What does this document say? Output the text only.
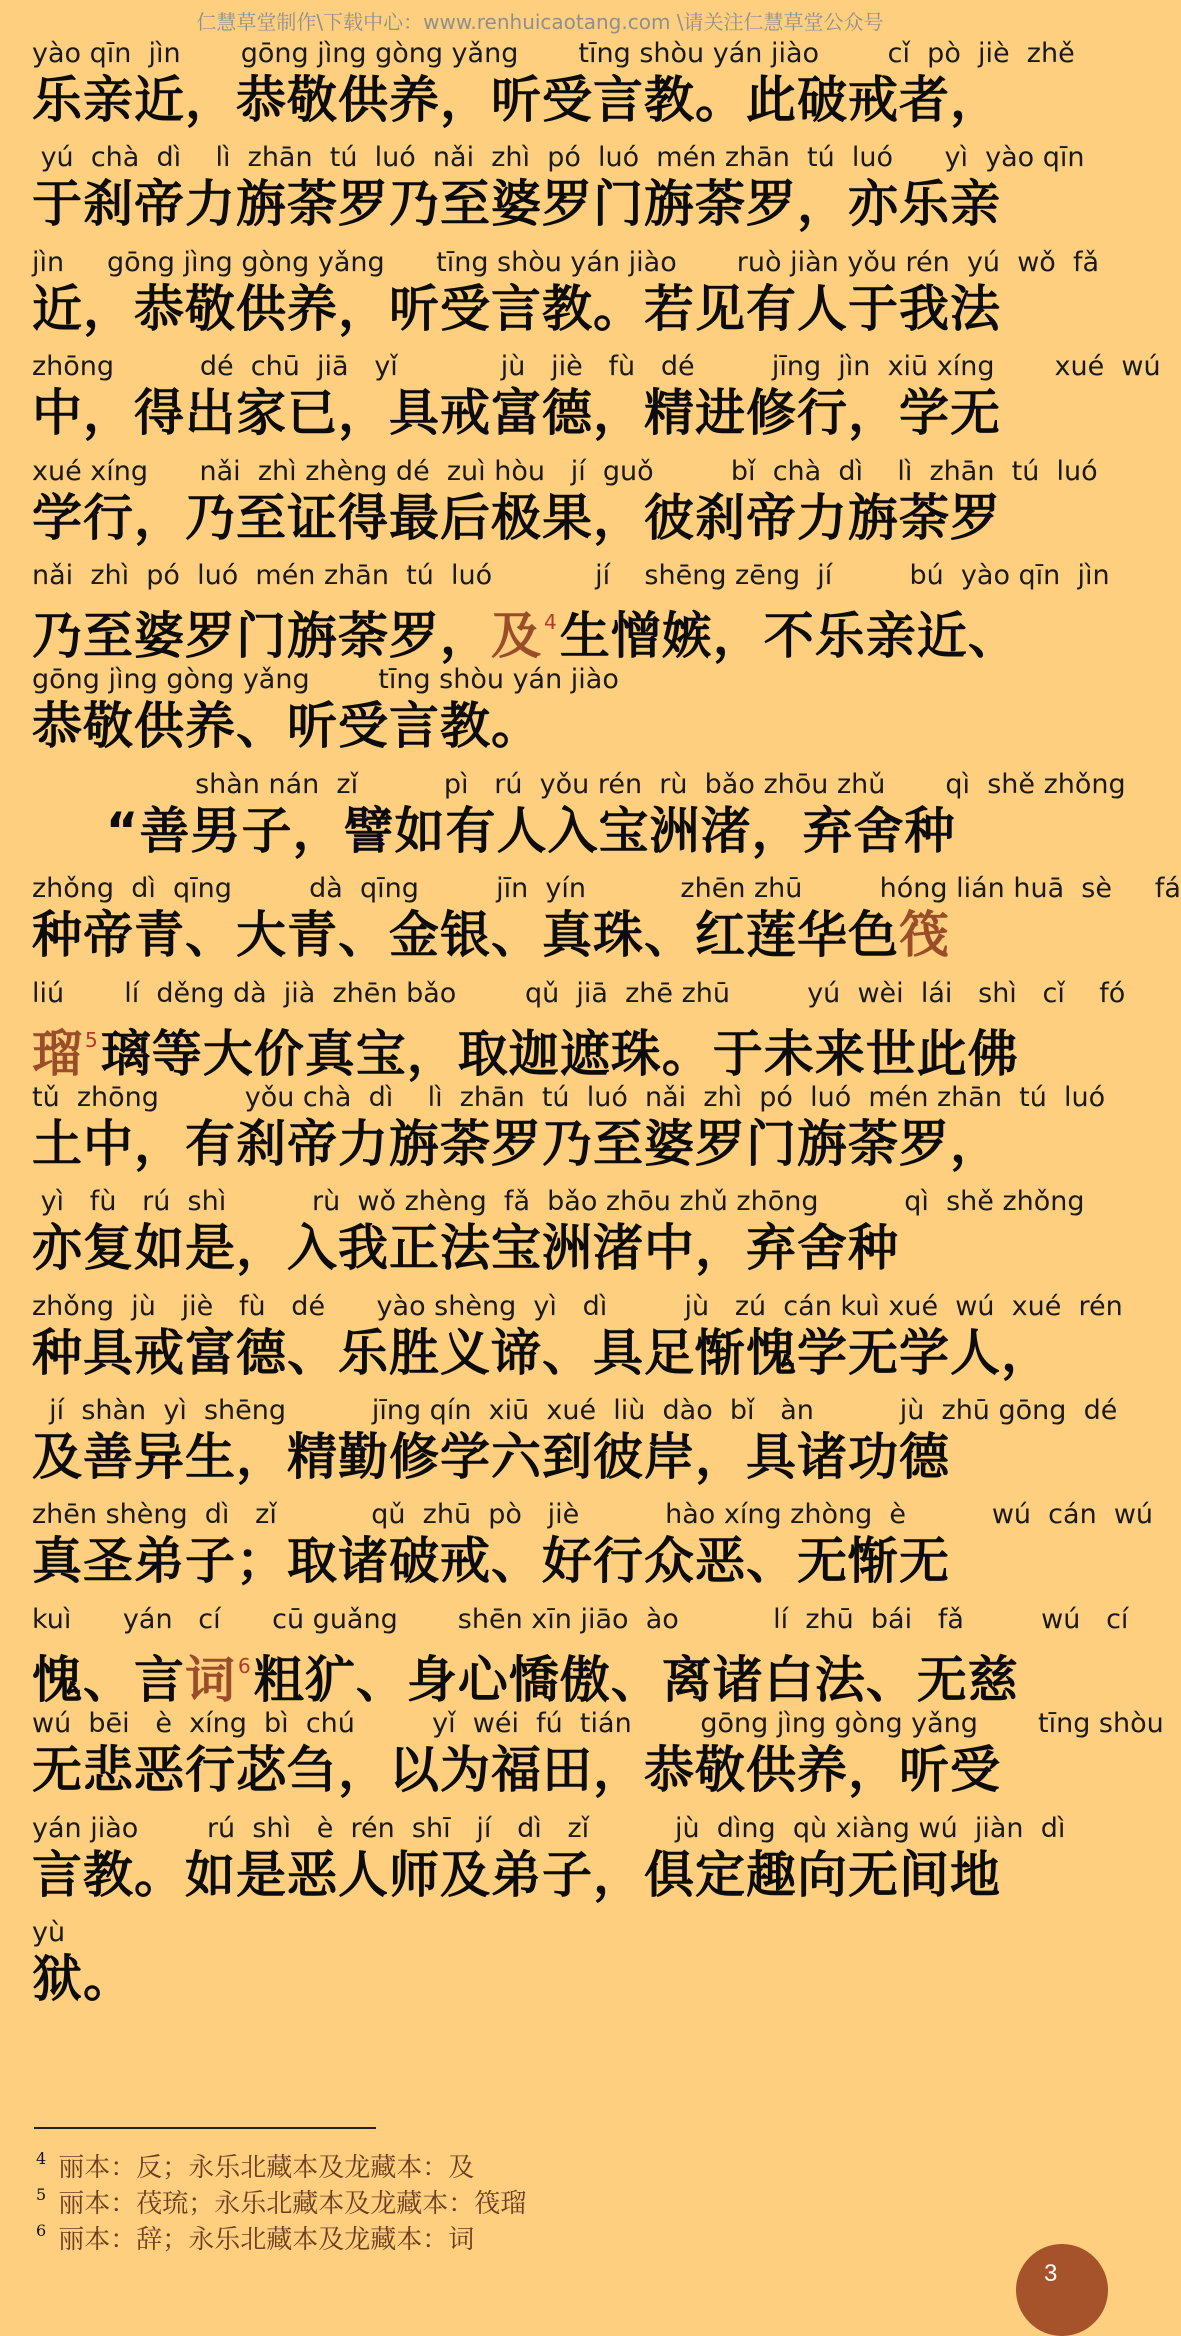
仁慧草堂制作\下载中心：www.renhuicaotang.com \请关注仁慧草堂公众号
yào qīn  jìn       gōng jìng gòng yǎng       tīng shòu yán jiào        cǐ  pò  jiè  zhě
乐亲近，恭敬供养，听受言教。此破戒者，
yú  chà  dì    lì  zhān  tú  luó  nǎi  zhì  pó  luó  mén zhān  tú  luó      yì  yào qīn
于刹帝力旃荼罗乃至婆罗门旃荼罗，亦乐亲
jìn     gōng jìng gòng yǎng      tīng shòu yán jiào       ruò jiàn yǒu rén  yú  wǒ  fǎ
近，恭敬供养，听受言教。若见有人于我法
zhōng          dé  chū  jiā   yǐ            jù   jiè   fù   dé         jīng  jìn  xiū xíng       xué  wú
中，得出家已，具戒富德，精进修行，学无
xué xíng      nǎi  zhì zhèng dé  zuì hòu   jí  guǒ         bǐ  chà  dì    lì  zhān  tú  luó
学行，乃至证得最后极果，彼刹帝力旃荼罗
nǎi  zhì  pó  luó  mén zhān  tú  luó            jí    shēng zēng  jí         bú  yào qīn  jìn
乃至婆罗门旃荼罗，及 $^4$生憎嫉，不乐亲近、
gōng jìng gòng yǎng        tīng shòu yán jiào
恭敬供养、听受言教。
shàn nán  zǐ          pì   rú  yǒu rén  rù  bǎo zhōu zhǔ       qì  shě zhǒng
“善男子，譬如有人入宝洲渚，弃舍种
zhǒng  dì  qīng         dà  qīng         jīn  yín           zhēn zhū         hóng lián huā  sè     fá
种帝青、大青、金银、真珠、红莲华色筏
liú       lí  děng dà  jià  zhēn bǎo        qǔ  jiā  zhē zhū         yú  wèi  lái   shì   cǐ    fó
瑠 $^5$璃等大价真宝，取迦遮珠。于未来世此佛
tǔ  zhōng          yǒu chà  dì    lì  zhān  tú  luó  nǎi  zhì  pó  luó  mén zhān  tú  luó
土中，有刹帝力旃荼罗乃至婆罗门旃荼罗，
yì   fù   rú  shì          rù  wǒ zhèng  fǎ  bǎo zhōu zhǔ zhōng          qì  shě zhǒng
亦复如是，入我正法宝洲渚中，弃舍种
zhǒng  jù   jiè   fù   dé      yào shèng  yì   dì         jù   zú  cán kuì xué  wú  xué  rén
种具戒富德、乐胜义谛、具足惭愧学无学人，
jí  shàn  yì  shēng          jīng qín  xiū  xué  liù  dào  bǐ   àn          jù  zhū gōng  dé
及善异生，精勤修学六到彼岸，具诸功德
zhēn shèng  dì   zǐ           qǔ  zhū  pò   jiè          hào xíng zhòng  è          wú  cán  wú
真圣弟子；取诸破戒、好行众恶、无惭无
kuì      yán   cí      cū guǎng       shēn xīn jiāo  ào           lí  zhū  bái   fǎ         wú   cí
愧、言词 $^6$粗犷、身心憍傲、离诸白法、无慈
wú  bēi   è  xíng  bì  chú         yǐ  wéi  fú  tián        gōng jìng gòng yǎng       tīng shòu
无悲恶行苾刍，以为福田，恭敬供养，听受
yán jiào        rú  shì   è  rén  shī   jí   dì   zǐ          jù  dìng  qù xiàng wú  jiàn  dì
言教。如是恶人师及弟子，俱定趣向无间地
yù
狱。
$^4$ 丽本：反；永乐北藏本及龙藏本：及
$^5$ 丽本：茷琉；永乐北藏本及龙藏本：筏瑠
$^6$ 丽本：辞；永乐北藏本及龙藏本：词
3
